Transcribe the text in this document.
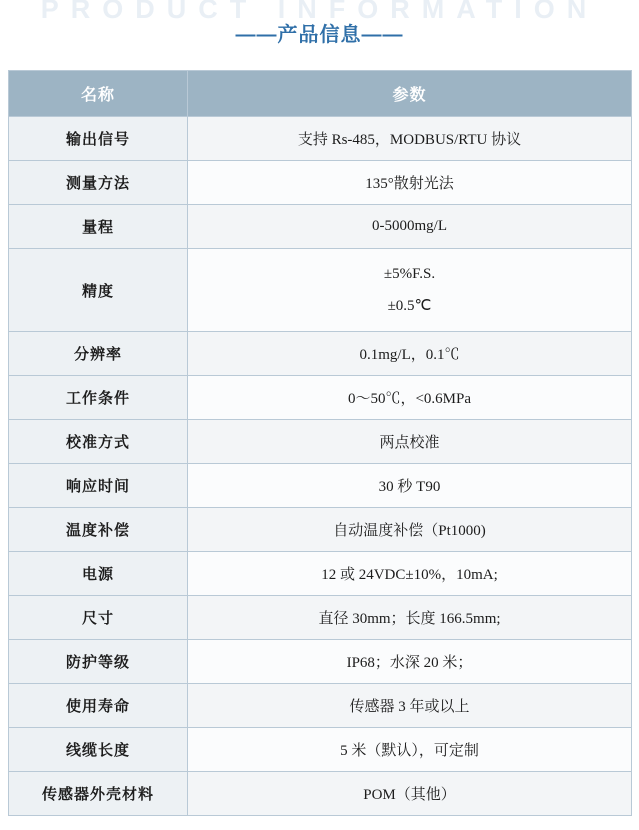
PRODUCT INFORMATION
——产品信息——
名称	参数
输出信号	支持 Rs-485，MODBUS/RTU 协议
测量方法	135°散射光法
量程	0-5000mg/L
精度	±5%F.S.
±0.5℃

分辨率	0.1mg/L，0.1℃
工作条件	0～50℃，<0.6MPa
校准方式	两点校准
响应时间	30 秒 T90
温度补偿	自动温度补偿（Pt1000)
电源	12 或 24VDC±10%，10mA;
尺寸	直径 30mm；长度 166.5mm;
防护等级	IP68；水深 20 米；
使用寿命	传感器 3 年或以上
线缆长度	5 米（默认），可定制
传感器外壳材料	POM（其他）
